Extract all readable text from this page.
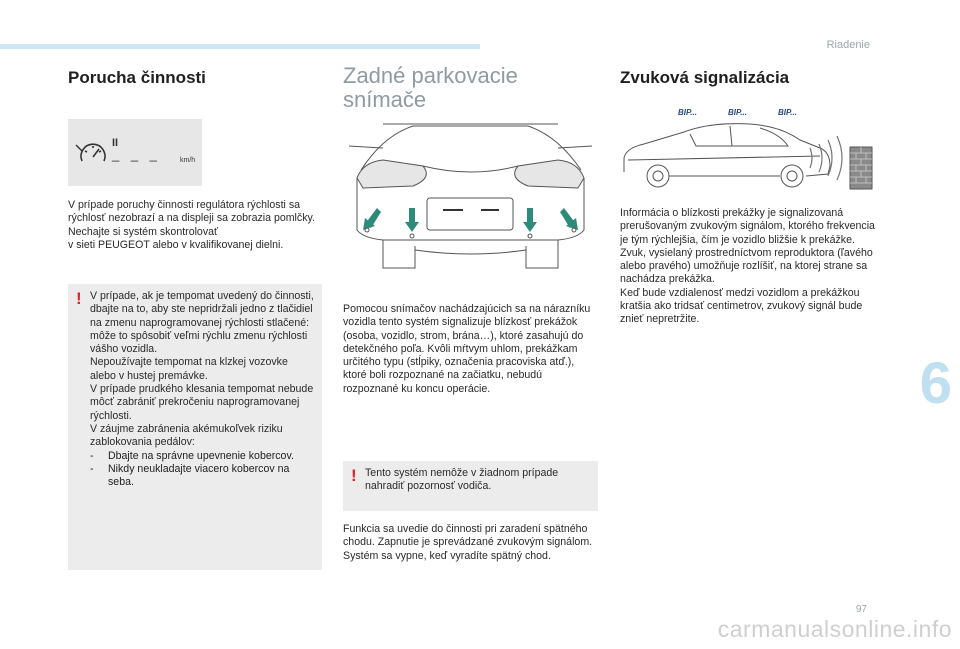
Riadenie
6
97
carmanualsonline.info
Porucha činnosti
II
_ _ _	km/h

V prípade poruchy činnosti regulátora rýchlosti sa rýchlosť nezobrazí a na displeji sa zobrazia pomlčky. Nechajte si systém skontrolovať
v sieti PEUGEOT alebo v kvalifikovanej dielni.

! V prípade, ak je tempomat uvedený do činnosti, dbajte na to, aby ste nepridržali jedno z tlačidiel na zmenu naprogramovanej rýchlosti stlačené: môže to spôsobiť veľmi rýchlu zmenu rýchlosti vášho vozidla.
Nepoužívajte tempomat na klzkej vozovke alebo v hustej premávke.
V prípade prudkého klesania tempomat nebude môcť zabrániť prekročeniu naprogramovanej rýchlosti.
V záujme zabránenia akémukoľvek riziku zablokovania pedálov:

- Dbajte na správne upevnenie kobercov.
- Nikdy neukladajte viacero kobercov na seba.
Zadné parkovacie
snímače

Pomocou snímačov nachádzajúcich sa na nárazníku vozidla tento systém signalizuje blízkosť prekážok (osoba, vozidlo, strom, brána…), ktoré zasahujú do detekčného poľa. Kvôli mŕtvym uhlom, prekážkam určitého typu (stĺpiky, označenia pracoviska atď.), ktoré boli rozpoznané na začiatku, nebudú rozpoznané ku koncu operácie.

! Tento systém nemôže v žiadnom prípade nahradiť pozornosť vodiča.

Funkcia sa uvedie do činnosti pri zaradení spätného chodu. Zapnutie je sprevádzané zvukovým signálom.
Systém sa vypne, keď vyradíte spätný chod.

Zvuková signalizácia
BIP...	BIP...	BIP...

Informácia o blízkosti prekážky je signalizovaná prerušovaným zvukovým signálom, ktorého frekvencia je tým rýchlejšia, čím je vozidlo bližšie k prekážke.
Zvuk, vysielaný prostredníctvom reproduktora (ľavého alebo pravého) umožňuje rozlíšiť, na ktorej strane sa nachádza prekážka.
Keď bude vzdialenosť medzi vozidlom a prekážkou kratšia ako tridsať centimetrov, zvukový signál bude znieť nepretržite.
